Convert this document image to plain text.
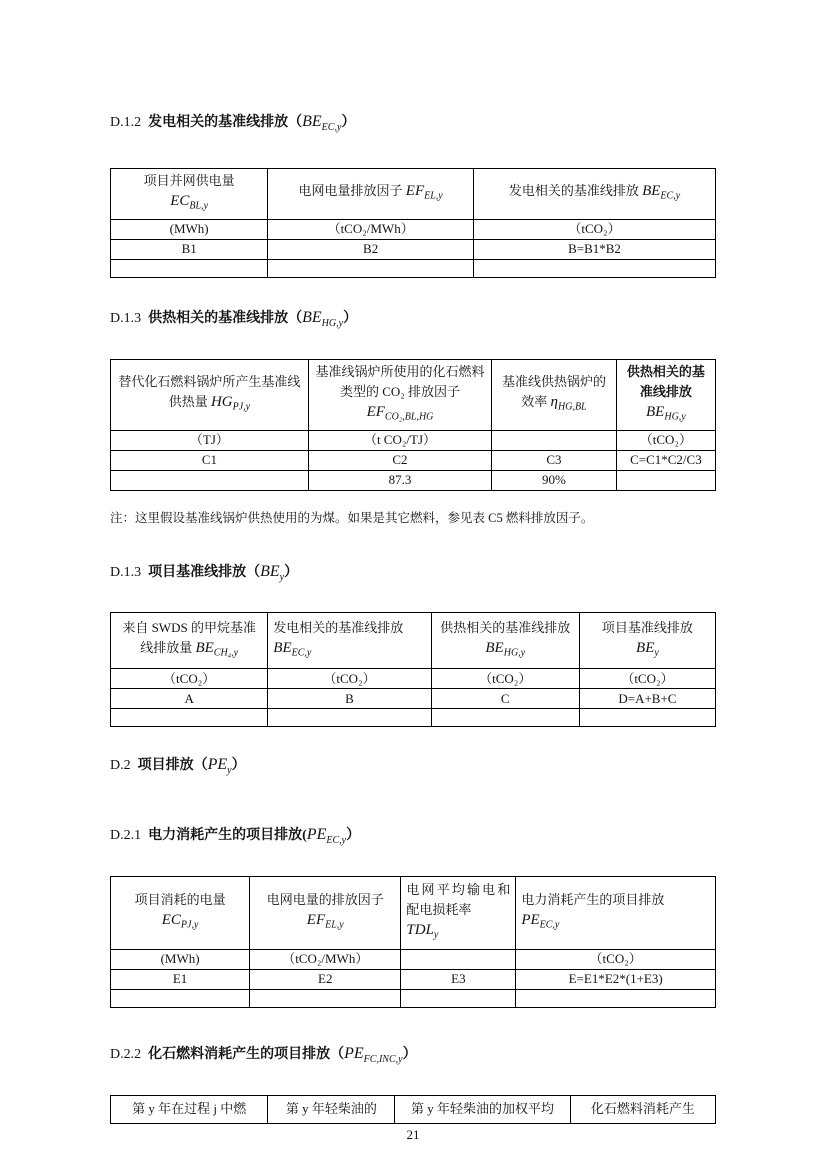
D.1.2 发电相关的基准线排放$(BE_{EC,y})$
项目并网供电量
$EC_{BL,y}$	电网电量排放因子 $EF_{EL,y}$	发电相关的基准线排放 $BE_{EC,y}$
(MWh)	（tCO₂/MWh）	（tCO₂）
B1	B2	B=B1*B2

D.1.3 供热相关的基准线排放$(BE_{HG,y})$
替代化石燃料锅炉所产生基准线供热量 $HG_{PJ,y}$	基准线锅炉所使用的化石燃料类型的 CO₂ 排放因子
$EF_{CO_2,BL,HG}$	基准线供热锅炉的效率 $\eta_{HG,BL}$	供热相关的基准线排放
$BE_{HG,y}$

（TJ）	（t CO₂/TJ）		（tCO₂）
C1	C2	C3	C=C1*C2/C3
	87.3	90%	
注：这里假设基准线锅炉供热使用的为煤。如果是其它燃料，参见表 C5 燃料排放因子。
D.1.3 项目基准线排放$(BE_y)$
来自 SWDS 的甲烷基准线排放量 $BE_{CH_4,y}$	发电相关的基准线排放
$BE_{EC,y}$	供热相关的基准线排放 $BE_{HG,y}$	项目基准线排放
$BE_y$

（tCO₂）	（tCO₂）	（tCO₂）	（tCO₂）
A	B	C	D=A+B+C

D.2 项目排放$(PE_y)$
D.2.1 电力消耗产生的项目排放$(PE_{EC,y})$
项目消耗的电量
$EC_{PJ,y}$	电网电量的排放因子
$EF_{EL,y}$	电网平均输电和配电损耗率
$TDL_y$	电力消耗产生的项目排放
$PE_{EC,y}$

(MWh)	（tCO₂/MWh）		（tCO₂）
E1	E2	E3	E=E1*E2*(1+E3)

D.2.2 化石燃料消耗产生的项目排放$(PE_{FC,INC,y})$
第 y 年在过程 j 中燃	第 y 年轻柴油的	第 y 年轻柴油的加权平均	化石燃料消耗产生
21
